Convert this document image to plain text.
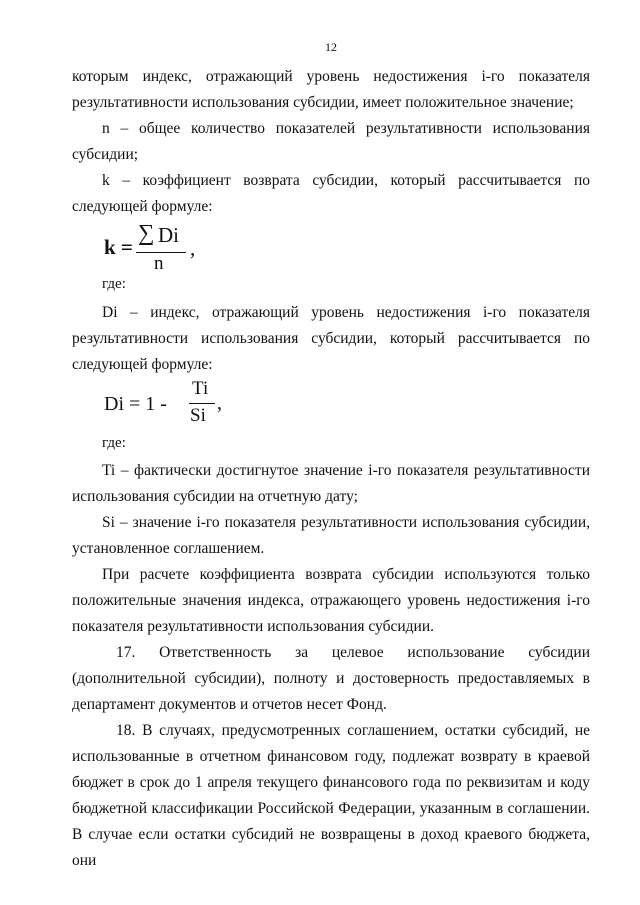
12
которым индекс, отражающий уровень недостижения i-го показателя результативности использования субсидии, имеет положительное значение;
n – общее количество показателей результативности использования субсидии;
k – коэффициент возврата субсидии, который рассчитывается по следующей формуле:
k =
∑ Di
n
,
где:
Di – индекс, отражающий уровень недостижения i-го показателя результативности использования субсидии, который рассчитывается по следующей формуле:
Di = 1 -
Ti
Si
,
где:
Ti – фактически достигнутое значение i-го показателя результативности использования субсидии на отчетную дату;
Si – значение i-го показателя результативности использования субсидии, установленное соглашением.
При расчете коэффициента возврата субсидии используются только положительные значения индекса, отражающего уровень недостижения i-го показателя результативности использования субсидии.
17. Ответственность за целевое использование субсидии (дополнительной субсидии), полноту и достоверность предоставляемых в департамент документов и отчетов несет Фонд.
18. В случаях, предусмотренных соглашением, остатки субсидий, не использованные в отчетном финансовом году, подлежат возврату в краевой бюджет в срок до 1 апреля текущего финансового года по реквизитам и коду бюджетной классификации Российской Федерации, указанным в соглашении. В случае если остатки субсидий не возвращены в доход краевого бюджета, они
